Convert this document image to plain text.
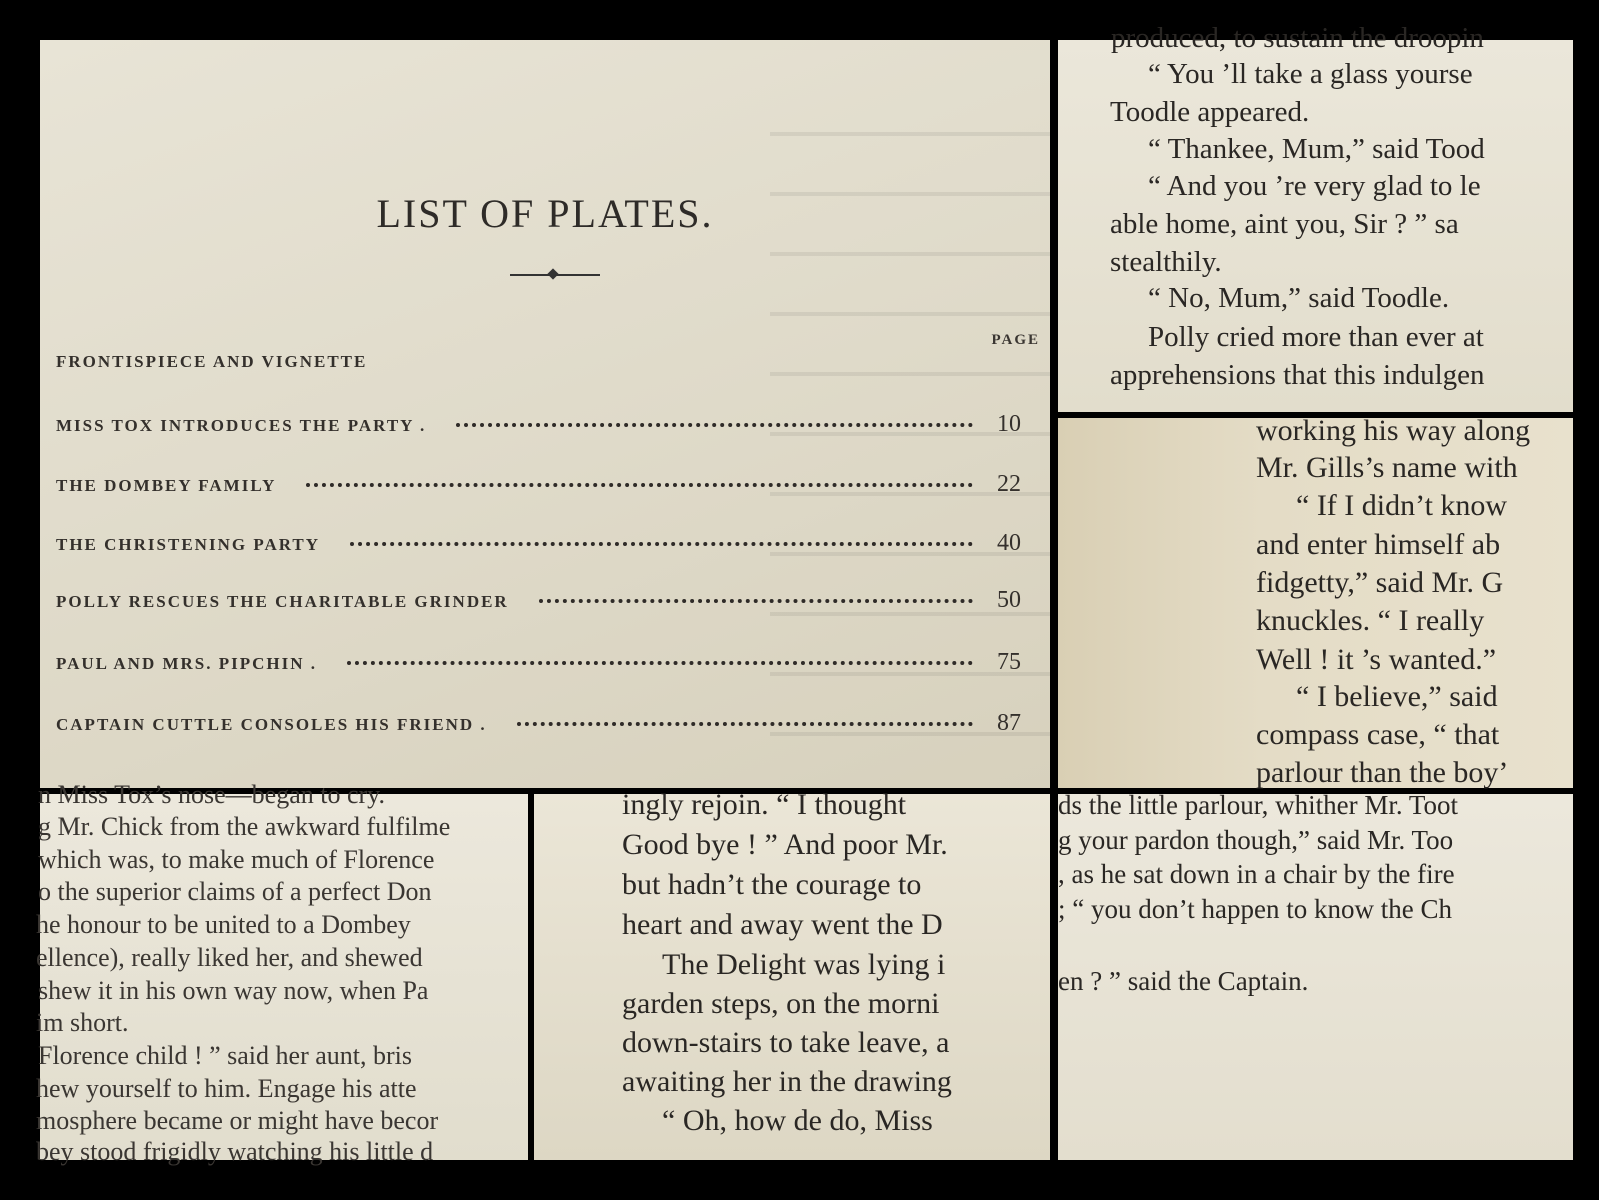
LIST OF PLATES.
PAGE
FRONTISPIECE AND VIGNETTE
MISS TOX INTRODUCES THE PARTY .	10
THE DOMBEY FAMILY	22
THE CHRISTENING PARTY	40
POLLY RESCUES THE CHARITABLE GRINDER	50
PAUL AND MRS. PIPCHIN .	75
CAPTAIN CUTTLE CONSOLES HIS FRIEND .	87
produced, to sustain the droopin
“ You ’ll take a glass yourse
Toodle appeared.
“ Thankee, Mum,” said Tood
“ And you ’re very glad to le
able home, aint you, Sir ? ” sa
stealthily.
“ No, Mum,” said Toodle.
Polly cried more than ever at
apprehensions that this indulgen
working his way along
Mr. Gills’s name with
“ If I didn’t know
and enter himself ab
fidgetty,” said Mr. G
knuckles. “ I really
Well ! it ’s wanted.”
“ I believe,” said
compass case, “ that
parlour than the boy’
n Miss Tox’s nose—began to cry.
g Mr. Chick from the awkward fulfilme
which was, to make much of Florence
o the superior claims of a perfect Don
he honour to be united to a Dombey
ellence), really liked her, and shewed
shew it in his own way now, when Pa
im short.
Florence child ! ” said her aunt, bris
hew yourself to him. Engage his atte
mosphere became or might have becor
bey stood frigidly watching his little d
ingly rejoin. “ I thought
Good bye ! ” And poor Mr.
but hadn’t the courage to
heart and away went the D
The Delight was lying i
garden steps, on the morni
down-stairs to take leave, a
awaiting her in the drawing
“ Oh, how de do, Miss
ds the little parlour, whither Mr. Toot
g your pardon though,” said Mr. Too
, as he sat down in a chair by the fire
; “ you don’t happen to know the Ch
en ? ” said the Captain.
